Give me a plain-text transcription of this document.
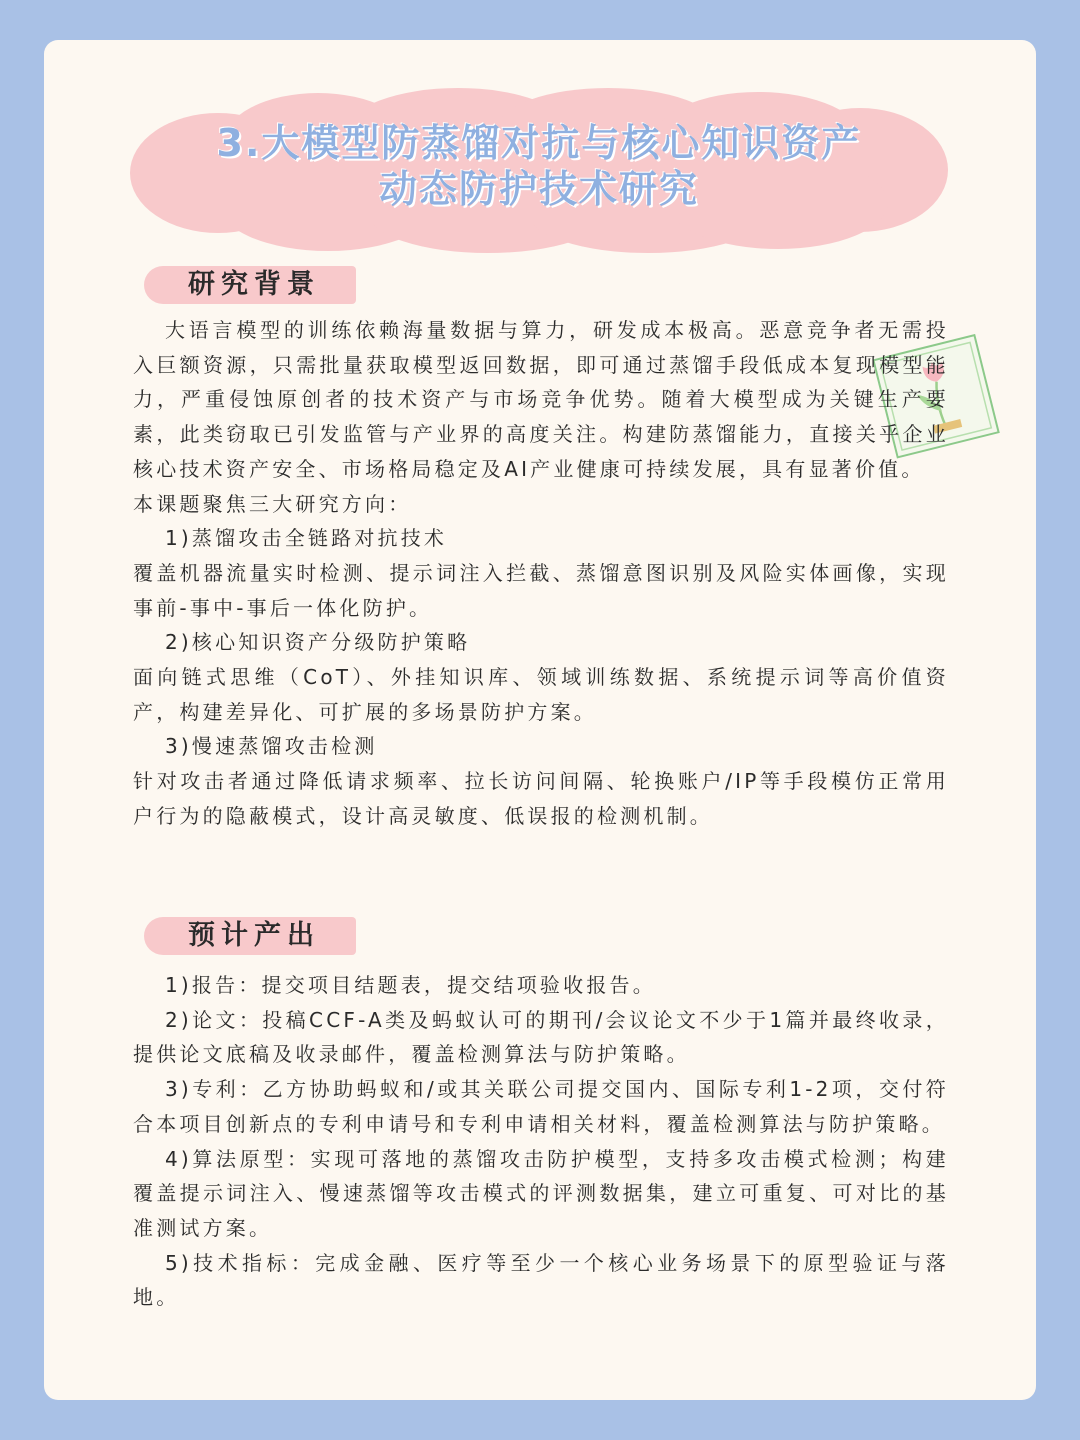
3.大模型防蒸馏对抗与核心知识资产
动态防护技术研究
研究背景

大语言模型的训练依赖海量数据与算力，研发成本极高。恶意竞争者无需投入巨额资源，只需批量获取模型返回数据，即可通过蒸馏手段低成本复现模型能力，严重侵蚀原创者的技术资产与市场竞争优势。随着大模型成为关键生产要素，此类窃取已引发监管与产业界的高度关注。构建防蒸馏能力，直接关乎企业核心技术资产安全、市场格局稳定及AI产业健康可持续发展，具有显著价值。

本课题聚焦三大研究方向：

1)蒸馏攻击全链路对抗技术

覆盖机器流量实时检测、提示词注入拦截、蒸馏意图识别及风险实体画像，实现事前-事中-事后一体化防护。

2)核心知识资产分级防护策略

面向链式思维（CoT）、外挂知识库、领域训练数据、系统提示词等高价值资产，构建差异化、可扩展的多场景防护方案。

3)慢速蒸馏攻击检测

针对攻击者通过降低请求频率、拉长访问间隔、轮换账户/IP等手段模仿正常用户行为的隐蔽模式，设计高灵敏度、低误报的检测机制。

预计产出

1)报告：提交项目结题表，提交结项验收报告。

2)论文：投稿CCF-A类及蚂蚁认可的期刊/会议论文不少于1篇并最终收录，提供论文底稿及收录邮件，覆盖检测算法与防护策略。

3)专利：乙方协助蚂蚁和/或其关联公司提交国内、国际专利1-2项，交付符合本项目创新点的专利申请号和专利申请相关材料，覆盖检测算法与防护策略。

4)算法原型：实现可落地的蒸馏攻击防护模型，支持多攻击模式检测；构建覆盖提示词注入、慢速蒸馏等攻击模式的评测数据集，建立可重复、可对比的基准测试方案。

5)技术指标：完成金融、医疗等至少一个核心业务场景下的原型验证与落地。
